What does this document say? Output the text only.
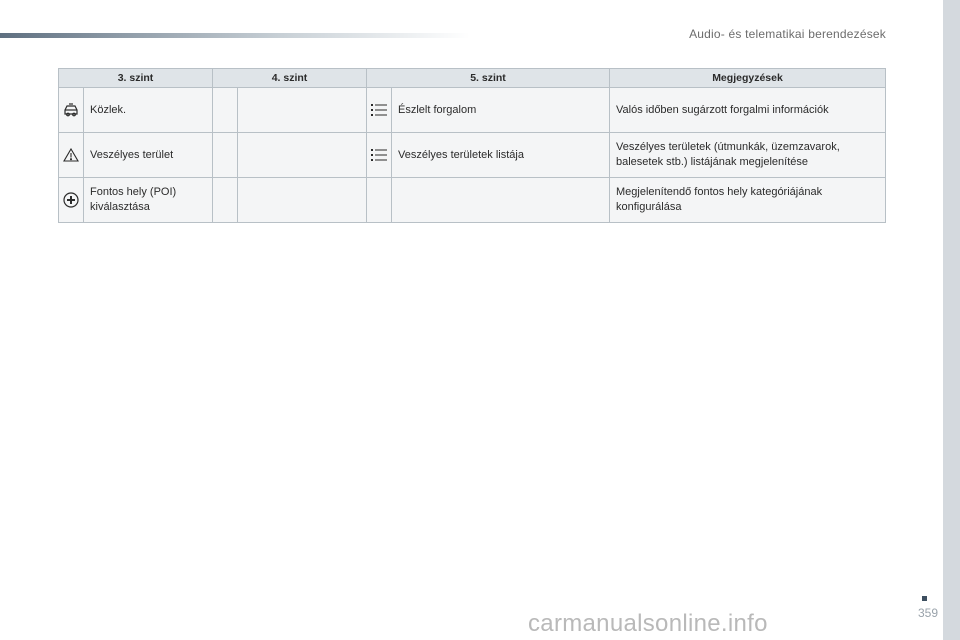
Audio- és telematikai berendezések
3. szint		4. szint		5. szint		Megjegyzések

	Közlek.				Észlelt forgalom	Valós időben sugárzott forgalmi információk

	Veszélyes terület				Veszélyes területek listája	Veszélyes területek (útmunkák, üzemzavarok, balesetek stb.) listájának megjelenítése

	Fontos hely (POI) kiválasztása					Megjelenítendő fontos hely kategóriájának konfigurálása
359
carmanualsonline.info
